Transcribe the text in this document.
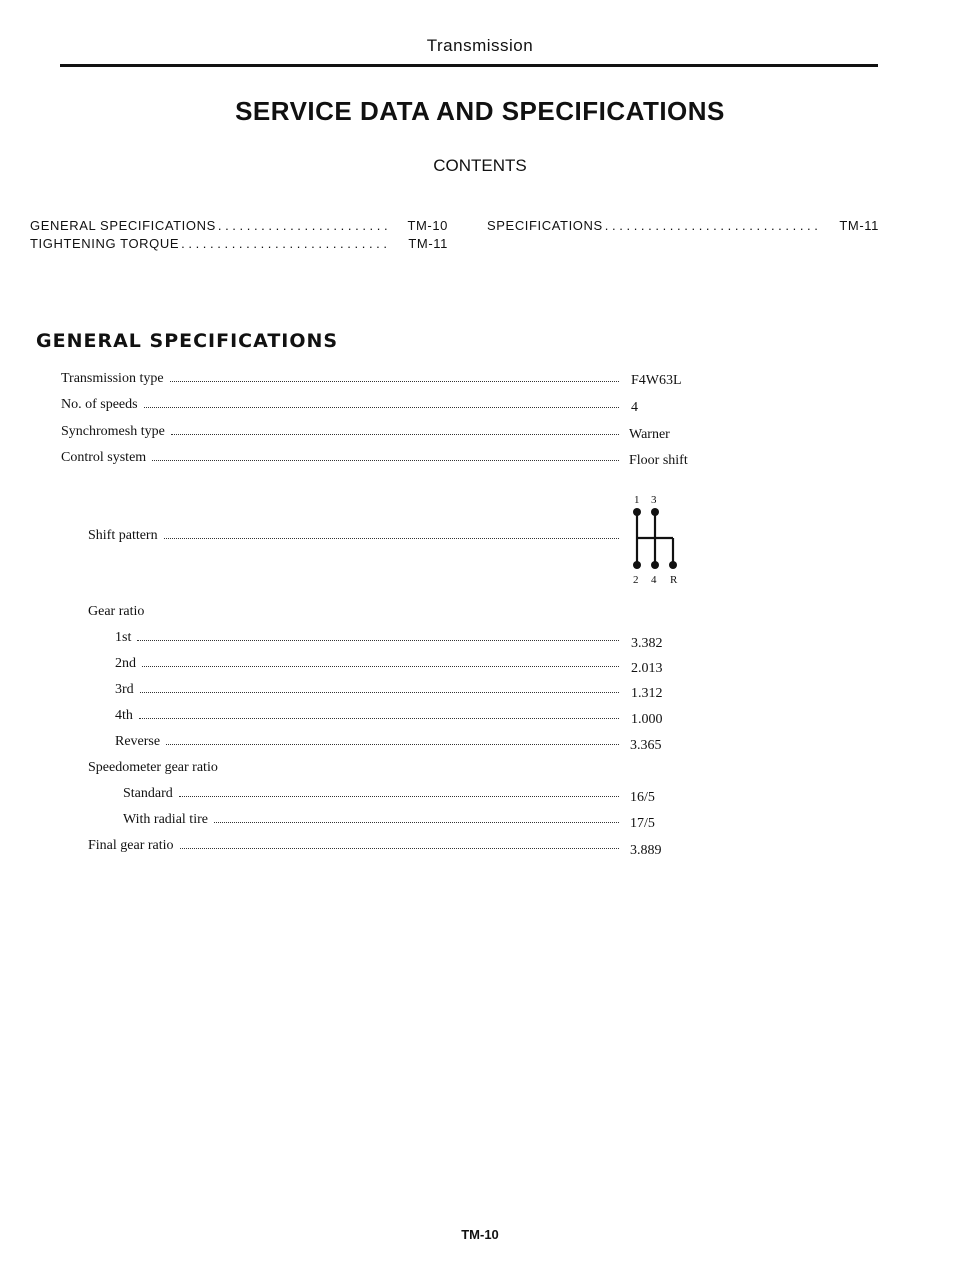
Transmission
SERVICE DATA AND SPECIFICATIONS
CONTENTS
GENERAL SPECIFICATIONS . . .	TM-10
TIGHTENING TORQUE . . .	TM-11
SPECIFICATIONS . . .	TM-11
GENERAL SPECIFICATIONS
Transmission type	F4W63L
No. of speeds	4
Synchromesh type	Warner
Control system	Floor shift
Shift pattern
1 3
2 4 R
Gear ratio
1st	3.382
2nd	2.013
3rd	1.312
4th	1.000
Reverse	3.365
Speedometer gear ratio
Standard	16/5
With radial tire	17/5
Final gear ratio	3.889
TM-10
